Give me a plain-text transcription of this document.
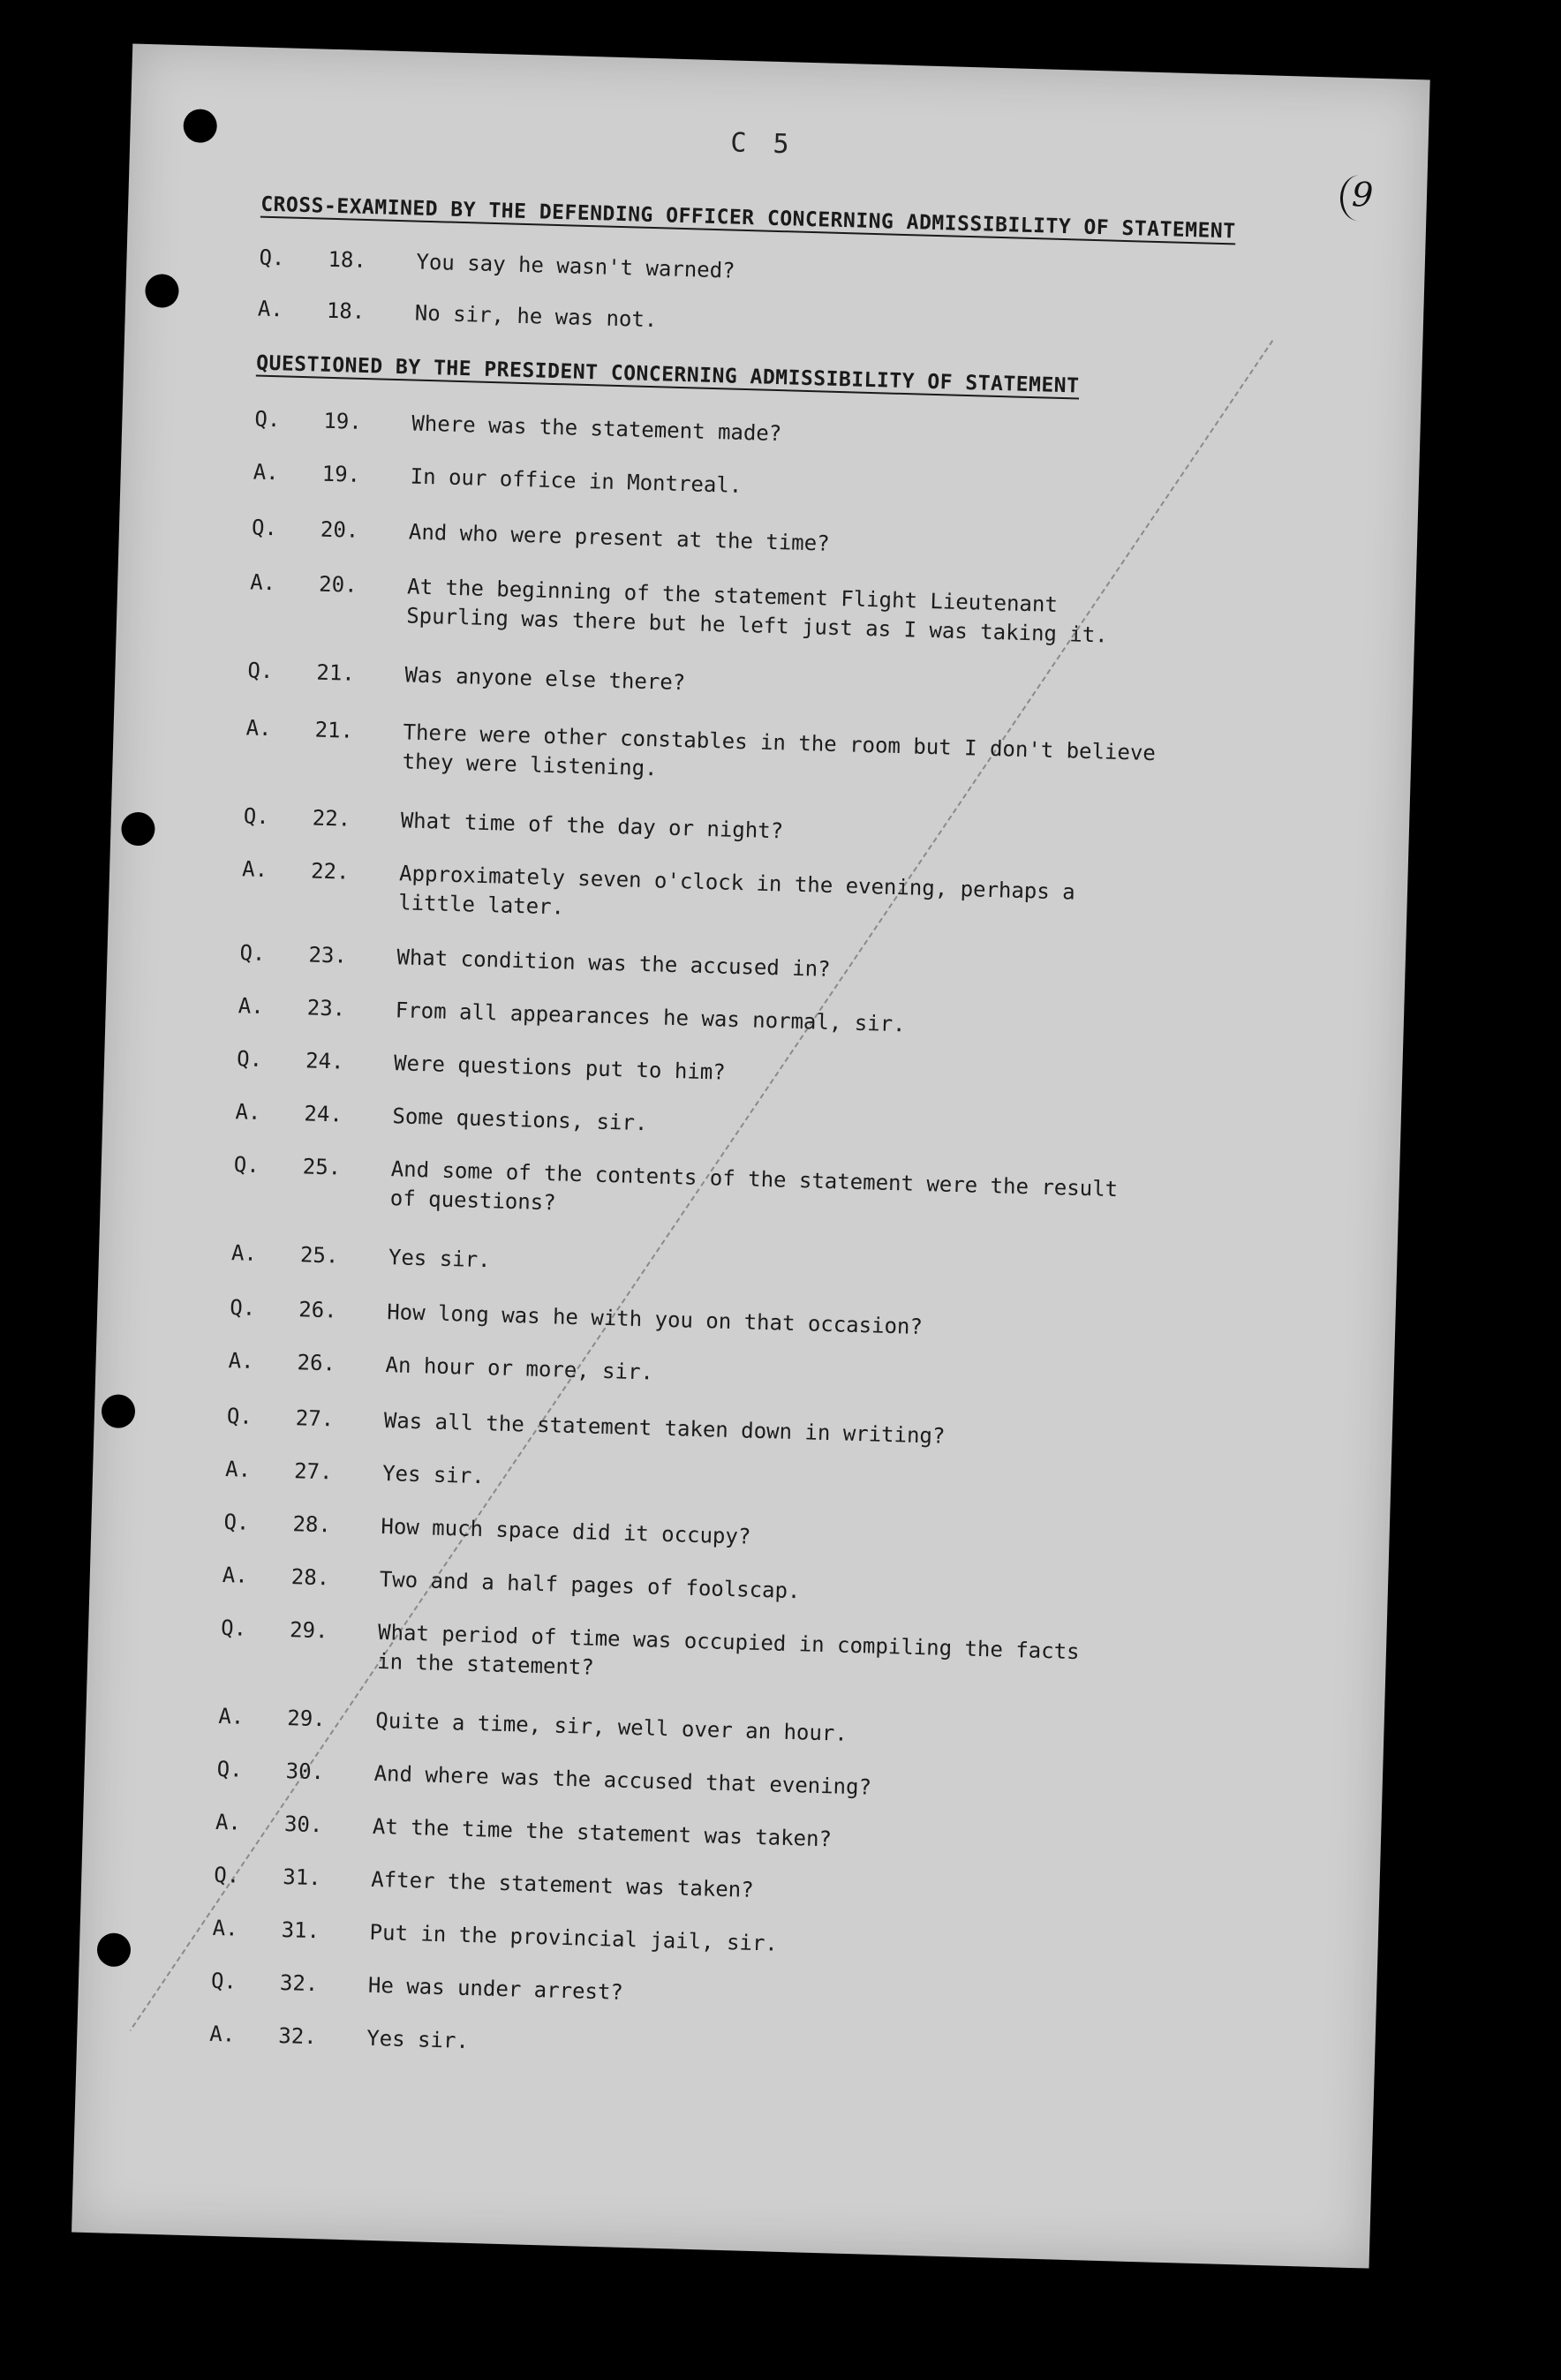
C 5
9
CROSS-EXAMINED BY THE DEFENDING OFFICER CONCERNING ADMISSIBILITY OF STATEMENT
Q.	18.	You say he wasn't warned?
A.	18.	No sir, he was not.
QUESTIONED BY THE PRESIDENT CONCERNING ADMISSIBILITY OF STATEMENT
Q.	19.	Where was the statement made?
A.	19.	In our office in Montreal.
Q.	20.	And who were present at the time?
A.	20.	At the beginning of the statement Flight Lieutenant
Spurling was there but he left just as I was taking it.
Q.	21.	Was anyone else there?
A.	21.	There were other constables in the room but I don't believe
they were listening.
Q.	22.	What time of the day or night?
A.	22.	Approximately seven o'clock in the evening, perhaps a
little later.
Q.	23.	What condition was the accused in?
A.	23.	From all appearances he was normal, sir.
Q.	24.	Were questions put to him?
A.	24.	Some questions, sir.
Q.	25.	And some of the contents of the statement were the result
of questions?
A.	25.	Yes sir.
Q.	26.	How long was he with you on that occasion?
A.	26.	An hour or more, sir.
Q.	27.	Was all the statement taken down in writing?
A.	27.	Yes sir.
Q.	28.	How much space did it occupy?
A.	28.	Two and a half pages of foolscap.
Q.	29.	What period of time was occupied in compiling the facts
in the statement?
A.	29.	Quite a time, sir, well over an hour.
Q.	30.	And where was the accused that evening?
A.	30.	At the time the statement was taken?
Q.	31.	After the statement was taken?
A.	31.	Put in the provincial jail, sir.
Q.	32.	He was under arrest?
A.	32.	Yes sir.
